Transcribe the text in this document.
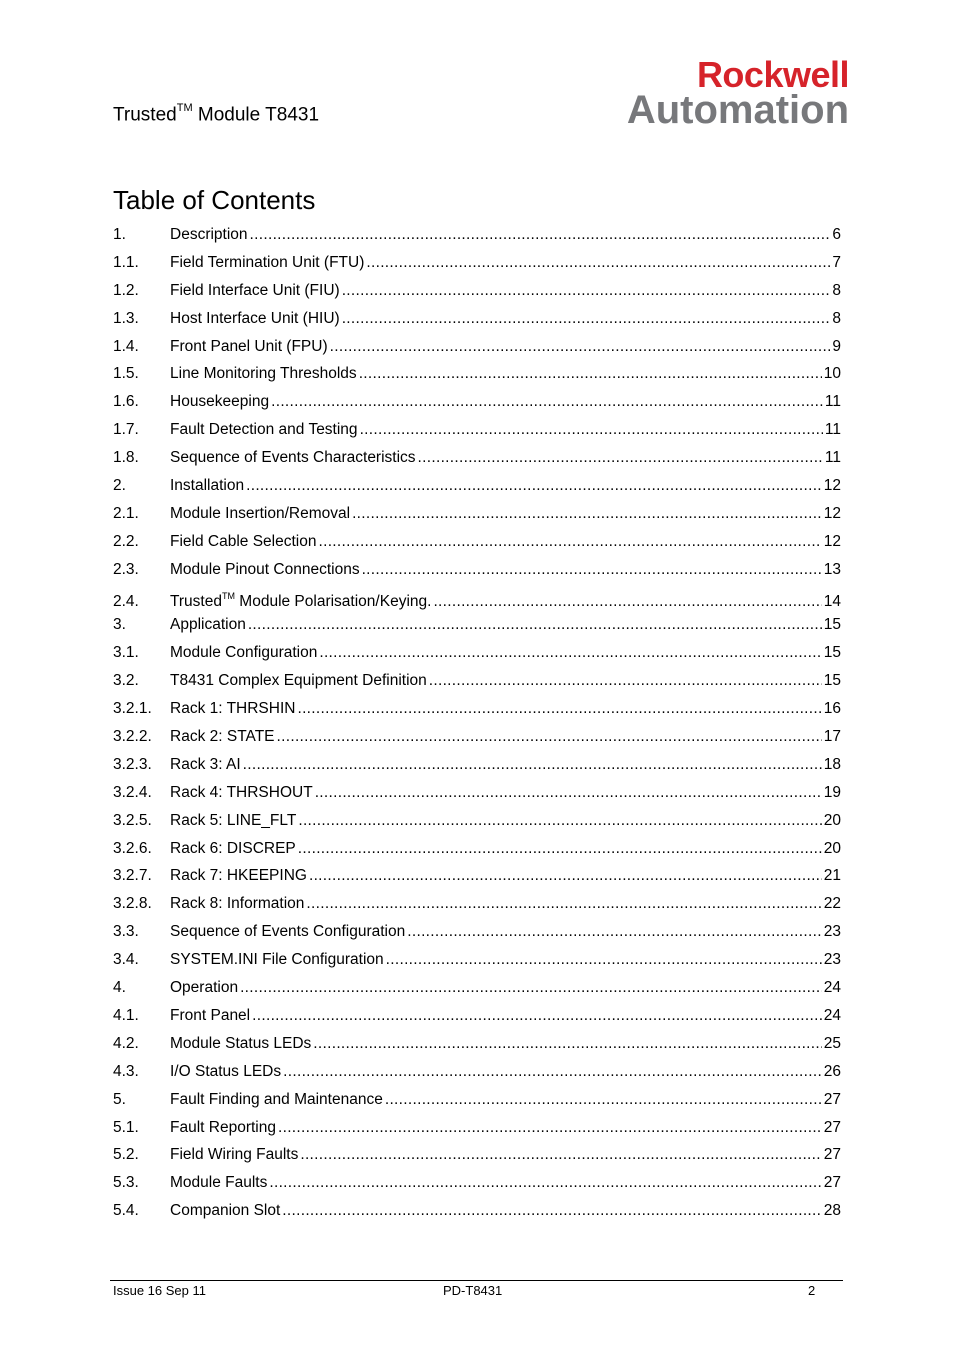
Trusted™ Module T8431
Rockwell
Automation
Table of Contents
1.	Description .....	6
1.1.	Field Termination Unit (FTU) .....	7
1.2.	Field Interface Unit (FIU) .....	8
1.3.	Host Interface Unit (HIU) .....	8
1.4.	Front Panel Unit (FPU) .....	9
1.5.	Line Monitoring Thresholds .....	10
1.6.	Housekeeping .....	11
1.7.	Fault Detection and Testing .....	11
1.8.	Sequence of Events Characteristics .....	11
2.	Installation .....	12
2.1.	Module Insertion/Removal .....	12
2.2.	Field Cable Selection .....	12
2.3.	Module Pinout Connections .....	13
2.4.	Trusted™ Module Polarisation/Keying. .....	14
3.	Application .....	15
3.1.	Module Configuration .....	15
3.2.	T8431 Complex Equipment Definition .....	15
3.2.1.	Rack 1: THRSHIN .....	16
3.2.2.	Rack 2: STATE .....	17
3.2.3.	Rack 3: AI .....	18
3.2.4.	Rack 4: THRSHOUT .....	19
3.2.5.	Rack 5: LINE_FLT .....	20
3.2.6.	Rack 6: DISCREP .....	20
3.2.7.	Rack 7: HKEEPING .....	21
3.2.8.	Rack 8: Information .....	22
3.3.	Sequence of Events Configuration .....	23
3.4.	SYSTEM.INI File Configuration .....	23
4.	Operation .....	24
4.1.	Front Panel .....	24
4.2.	Module Status LEDs .....	25
4.3.	I/O Status LEDs .....	26
5.	Fault Finding and Maintenance .....	27
5.1.	Fault Reporting .....	27
5.2.	Field Wiring Faults .....	27
5.3.	Module Faults .....	27
5.4.	Companion Slot .....	28
Issue 16 Sep 11	PD-T8431	2
